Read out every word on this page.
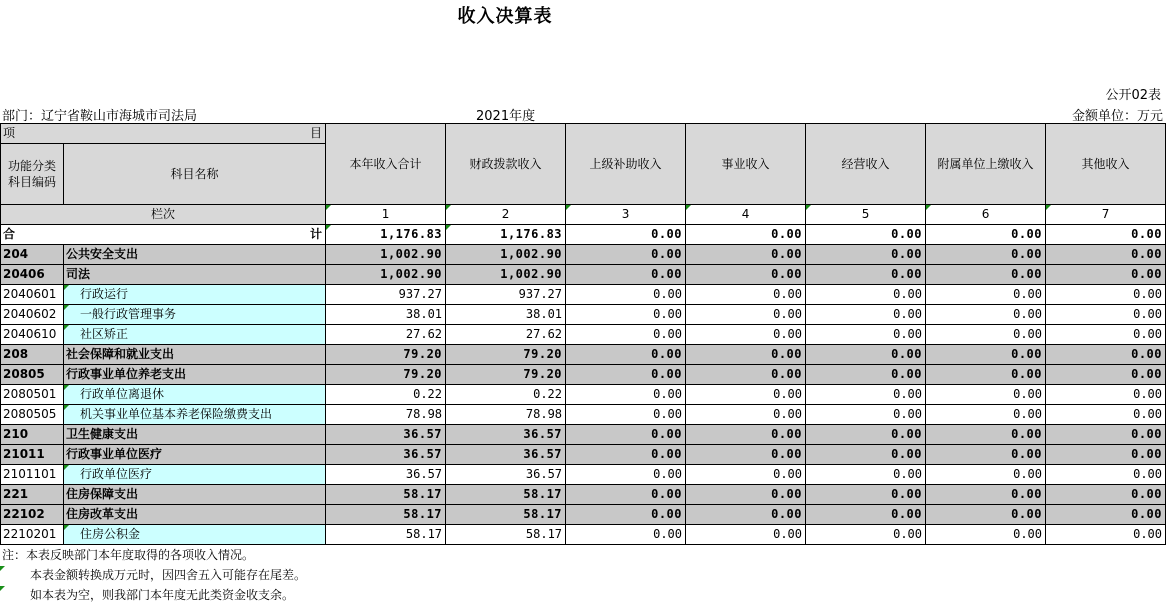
收入决算表
公开02表
部门：辽宁省鞍山市海城市司法局	2021年度	金额单位：万元
项 目		本年收入合计	财政拨款收入	上级补助收入	事业收入	经营收入	附属单位上缴收入	其他收入
功能分类科目编码	科目名称							
栏次		1	2	3	4	5	6	7
合 计		1,176.83	1,176.83	0.00	0.00	0.00	0.00	0.00
204	公共安全支出	1,002.90	1,002.90	0.00	0.00	0.00	0.00	0.00
20406	司法	1,002.90	1,002.90	0.00	0.00	0.00	0.00	0.00
2040601	行政运行	937.27	937.27	0.00	0.00	0.00	0.00	0.00
2040602	一般行政管理事务	38.01	38.01	0.00	0.00	0.00	0.00	0.00
2040610	社区矫正	27.62	27.62	0.00	0.00	0.00	0.00	0.00
208	社会保障和就业支出	79.20	79.20	0.00	0.00	0.00	0.00	0.00
20805	行政事业单位养老支出	79.20	79.20	0.00	0.00	0.00	0.00	0.00
2080501	行政单位离退休	0.22	0.22	0.00	0.00	0.00	0.00	0.00
2080505	机关事业单位基本养老保险缴费支出	78.98	78.98	0.00	0.00	0.00	0.00	0.00
210	卫生健康支出	36.57	36.57	0.00	0.00	0.00	0.00	0.00
21011	行政事业单位医疗	36.57	36.57	0.00	0.00	0.00	0.00	0.00
2101101	行政单位医疗	36.57	36.57	0.00	0.00	0.00	0.00	0.00
221	住房保障支出	58.17	58.17	0.00	0.00	0.00	0.00	0.00
22102	住房改革支出	58.17	58.17	0.00	0.00	0.00	0.00	0.00
2210201	住房公积金	58.17	58.17	0.00	0.00	0.00	0.00	0.00
注：本表反映部门本年度取得的各项收入情况。
本表金额转换成万元时，因四舍五入可能存在尾差。
如本表为空，则我部门本年度无此类资金收支余。
